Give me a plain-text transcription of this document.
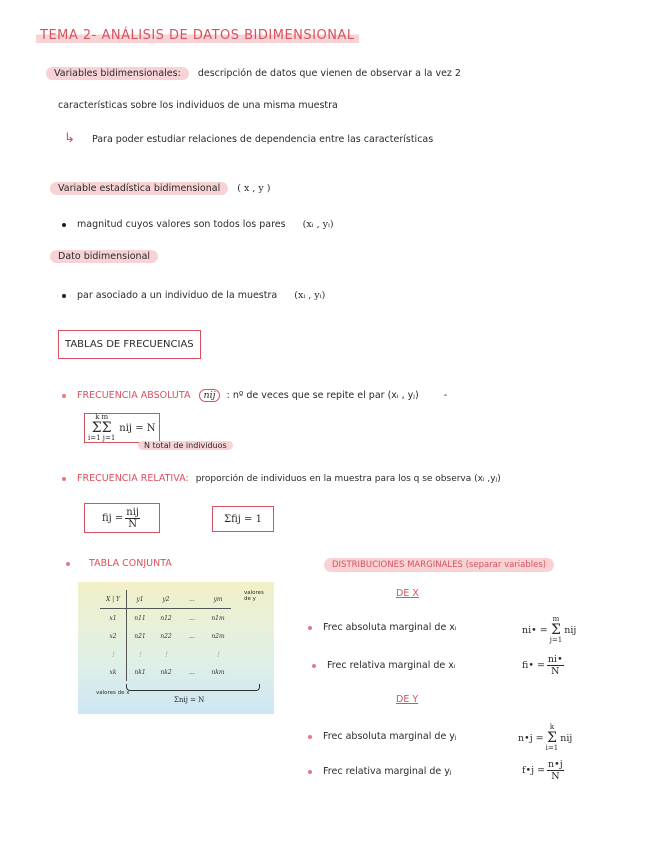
TEMA 2- ANÁLISIS DE DATOS BIDIMENSIONAL
Variables bidimensionales: descripción de datos que vienen de observar a la vez 2
características sobre los individuos de una misma muestra
↳ Para poder estudiar relaciones de dependencia entre las características
Variable estadística bidimensional ( x , y )
magnitud cuyos valores son todos los pares (xᵢ , yᵢ)
Dato bidimensional
par asociado a un individuo de la muestra (xᵢ , yᵢ)
TABLAS DE FRECUENCIAS
FRECUENCIA ABSOLUTA nij : nº de veces que se repite el par (xᵢ , yⱼ)	-
k m
ΣΣ
i=1 j=1
nij = N
N total de individuos
FRECUENCIA RELATIVA: proporción de individuos en la muestra para los q se observa (xᵢ ,yⱼ)
fij = $\frac{\text{nij}}{N}$	Σfij = 1
TABLA CONJUNTA
X | Y	y1	y2	...	ym
x1	n11	n12	...	n1m
x2	n21	n22	...	n2m
⋮	⋮	⋮		⋮
xk	nk1	nk2	...	nkm
valores de y
valores de x
Σnij = N
DISTRIBUCIONES MARGINALES (separar variables)
DE X
Frec absoluta marginal de xᵢ	ni• =
m
Σ
j=1
nij
Frec relativa marginal de xᵢ	fi• = $\frac{ni•}{N}$
DE Y
Frec absoluta marginal de yⱼ	n•j =
k
Σ
i=1
nij
Frec relativa marginal de yⱼ	f•j = $\frac{n•j}{N}$
